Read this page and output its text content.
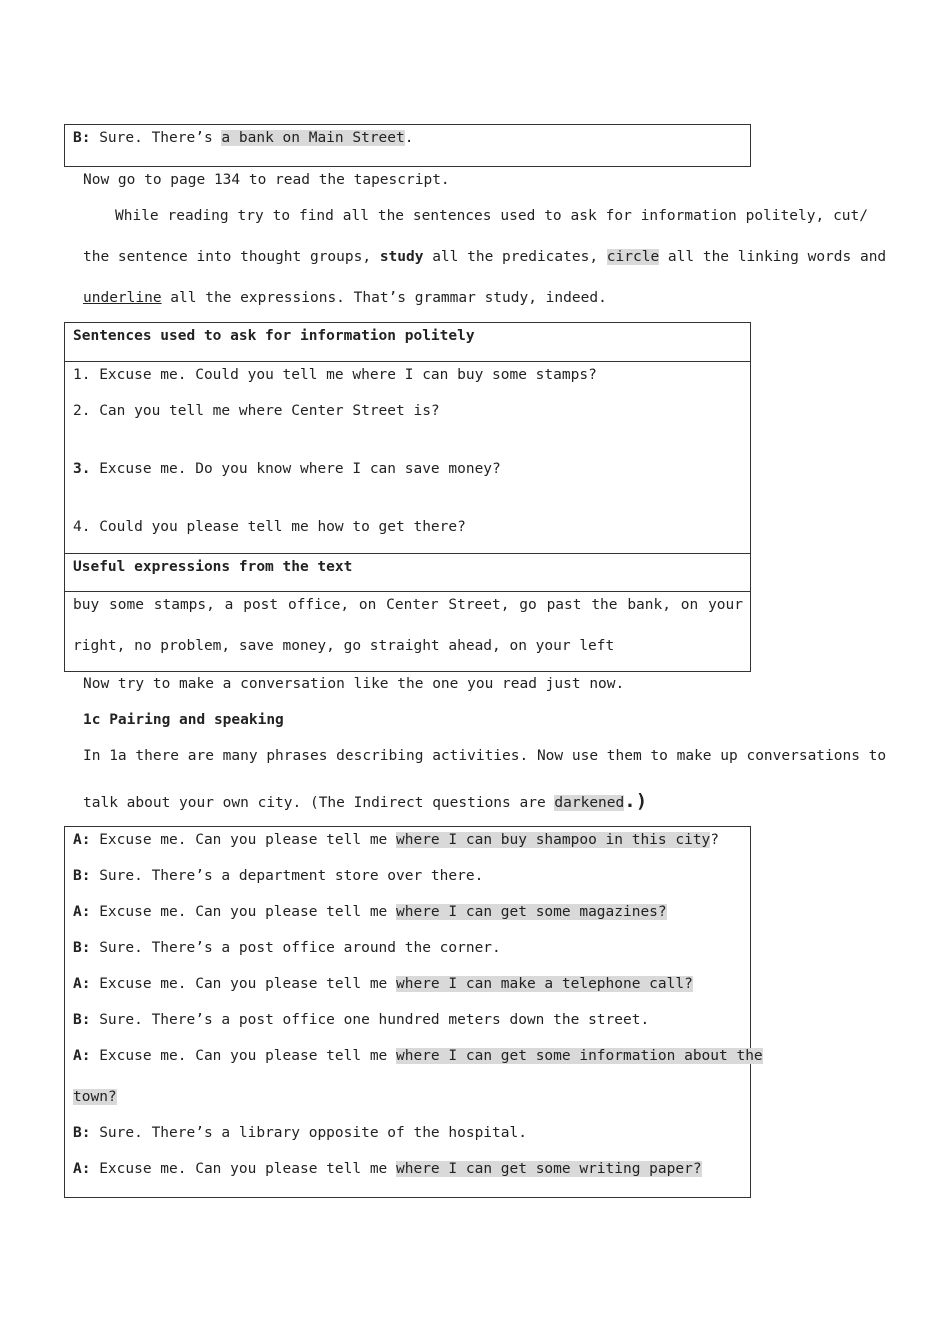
B: Sure. There’s a bank on Main Street.
Now go to page 134 to read the tapescript.
While reading try to find all the sentences used to ask for information politely, cut/
the sentence into thought groups, study all the predicates, circle all the linking words and
underline all the expressions. That’s grammar study, indeed.
Sentences used to ask for information politely
1. Excuse me. Could you tell me where I can buy some stamps?
2. Can you tell me where Center Street is?
3. Excuse me. Do you know where I can save money?
4. Could you please tell me how to get there?
Useful expressions from the text
buy some stamps, a post office, on Center Street, go past the bank, on your
right, no problem, save money, go straight ahead, on your left
Now try to make a conversation like the one you read just now.
1c Pairing and speaking
In 1a there are many phrases describing activities. Now use them to make up conversations to
talk about your own city. (The Indirect questions are darkened.)
A: Excuse me. Can you please tell me where I can buy shampoo in this city?
B: Sure. There’s a department store over there.
A: Excuse me. Can you please tell me where I can get some magazines?
B: Sure. There’s a post office around the corner.
A: Excuse me. Can you please tell me where I can make a telephone call?
B: Sure. There’s a post office one hundred meters down the street.
A: Excuse me. Can you please tell me where I can get some information about the
town?
B: Sure. There’s a library opposite of the hospital.
A: Excuse me. Can you please tell me where I can get some writing paper?
